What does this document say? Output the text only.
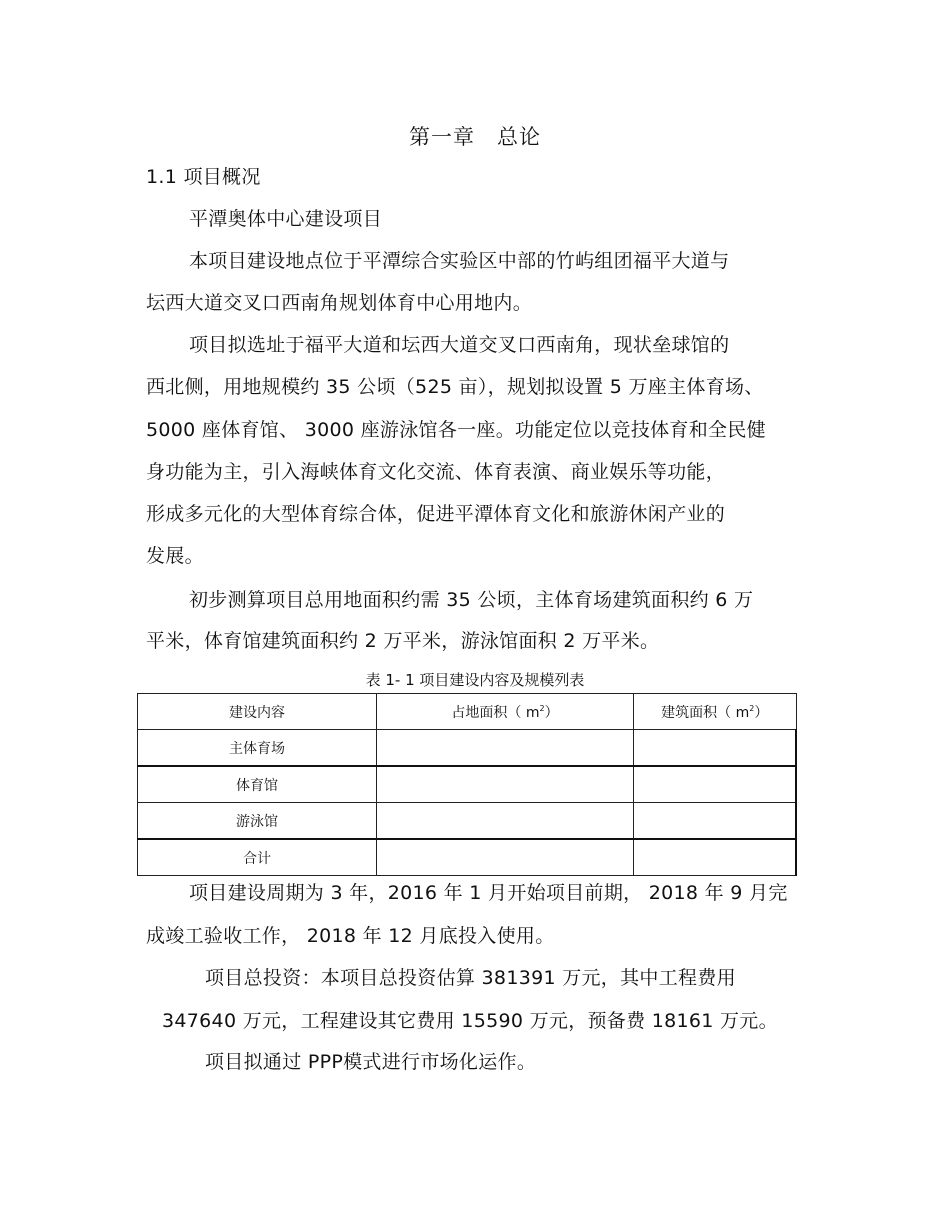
第一章　总论
1.1 项目概况
平潭奥体中心建设项目
本项目建设地点位于平潭综合实验区中部的竹屿组团福平大道与
坛西大道交叉口西南角规划体育中心用地内。
项目拟选址于福平大道和坛西大道交叉口西南角，现状垒球馆的
西北侧，用地规模约 35 公顷（525 亩），规划拟设置 5 万座主体育场、
5000 座体育馆、 3000 座游泳馆各一座。功能定位以竞技体育和全民健
身功能为主，引入海峡体育文化交流、体育表演、商业娱乐等功能，
形成多元化的大型体育综合体，促进平潭体育文化和旅游休闲产业的
发展。
初步测算项目总用地面积约需 35 公顷，主体育场建筑面积约 6 万
平米，体育馆建筑面积约 2 万平米，游泳馆面积 2 万平米。
表 1- 1 项目建设内容及规模列表
建设内容	占地面积（ $m^2$）	建筑面积（ $m^2$）
主体育场		
体育馆		
游泳馆		
合计		
项目建设周期为 3 年，2016 年 1 月开始项目前期， 2018 年 9 月完
成竣工验收工作， 2018 年 12 月底投入使用。
项目总投资：本项目总投资估算 381391 万元，其中工程费用
347640 万元，工程建设其它费用 15590 万元，预备费 18161 万元。
项目拟通过 PPP模式进行市场化运作。
